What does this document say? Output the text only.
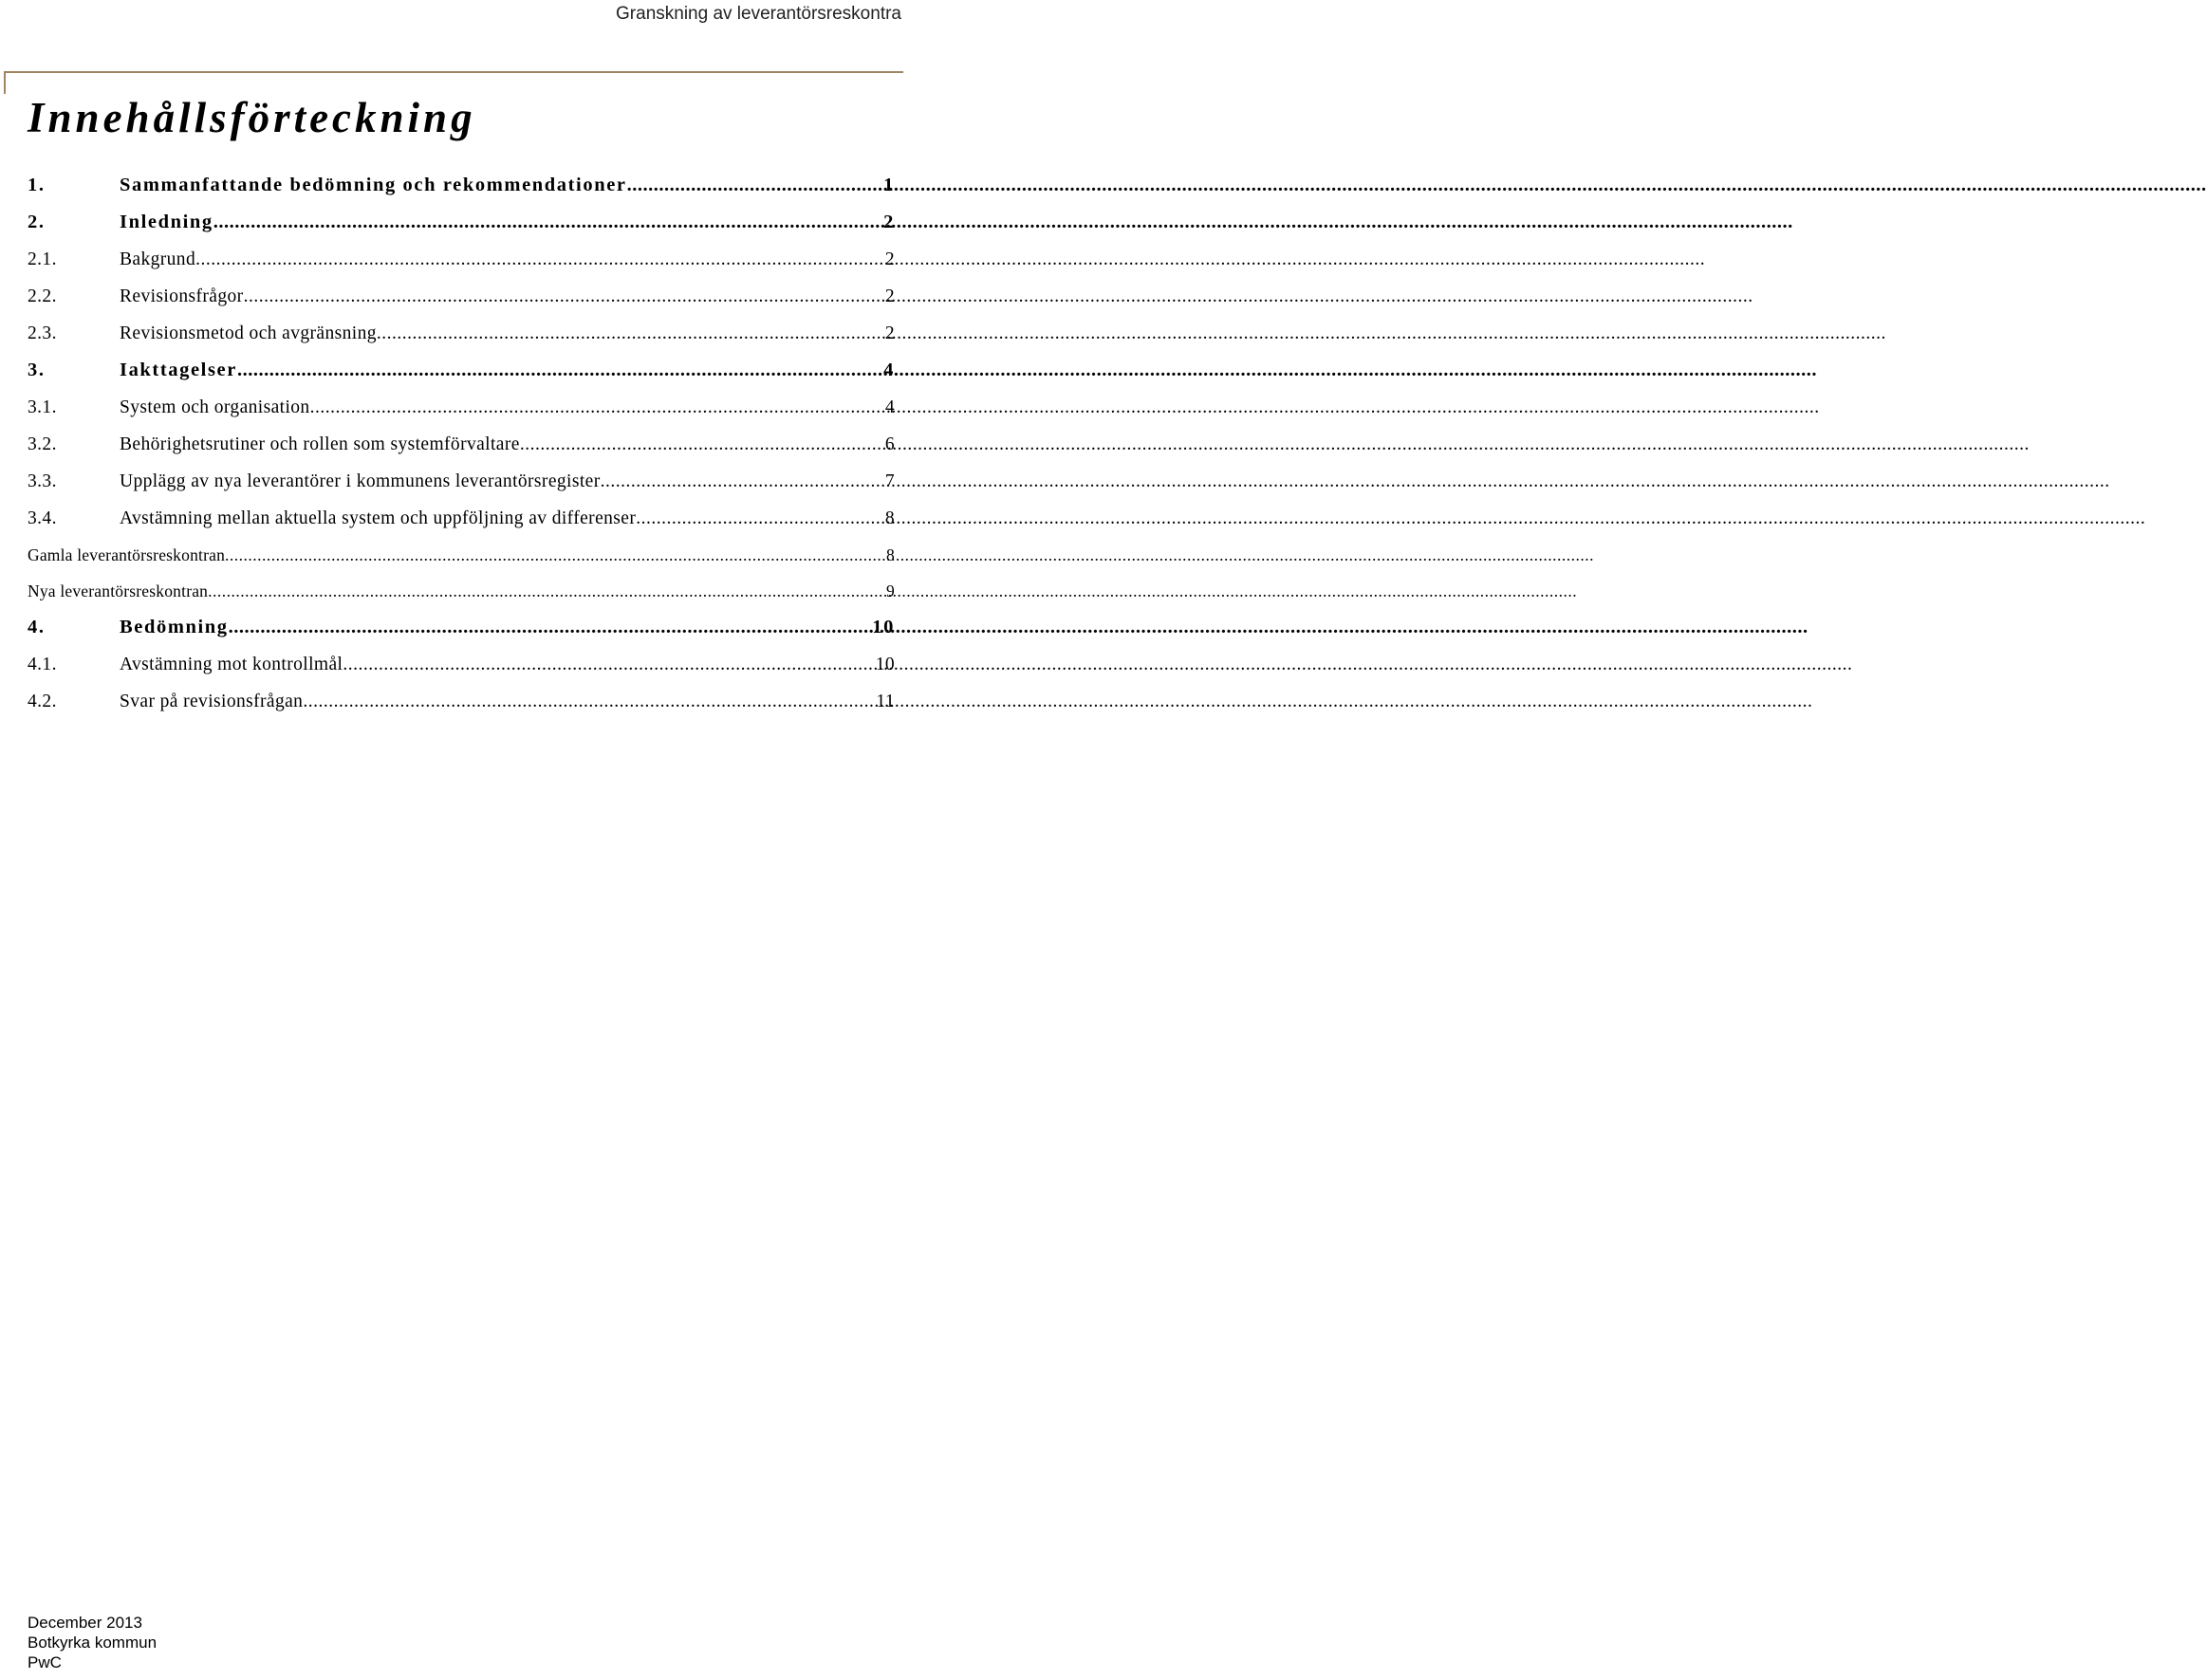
Granskning av leverantörsreskontra
Innehållsförteckning
1.	Sammanfattande bedömning och rekommendationer .....	1
2.	Inledning .....	2
2.1.	Bakgrund .....	2
2.2.	Revisionsfrågor .....	2
2.3.	Revisionsmetod och avgränsning .....	2
3.	Iakttagelser .....	4
3.1.	System och organisation .....	4
3.2.	Behörighetsrutiner och rollen som systemförvaltare .....	6
3.3.	Upplägg av nya leverantörer i kommunens leverantörsregister .....	7
3.4.	Avstämning mellan aktuella system och uppföljning av differenser .....	8
Gamla leverantörsreskontran .....	8
Nya leverantörsreskontran .....	9
4.	Bedömning .....	10
4.1.	Avstämning mot kontrollmål .....	10
4.2.	Svar på revisionsfrågan .....	11
December 2013
Botkyrka kommun
PwC
